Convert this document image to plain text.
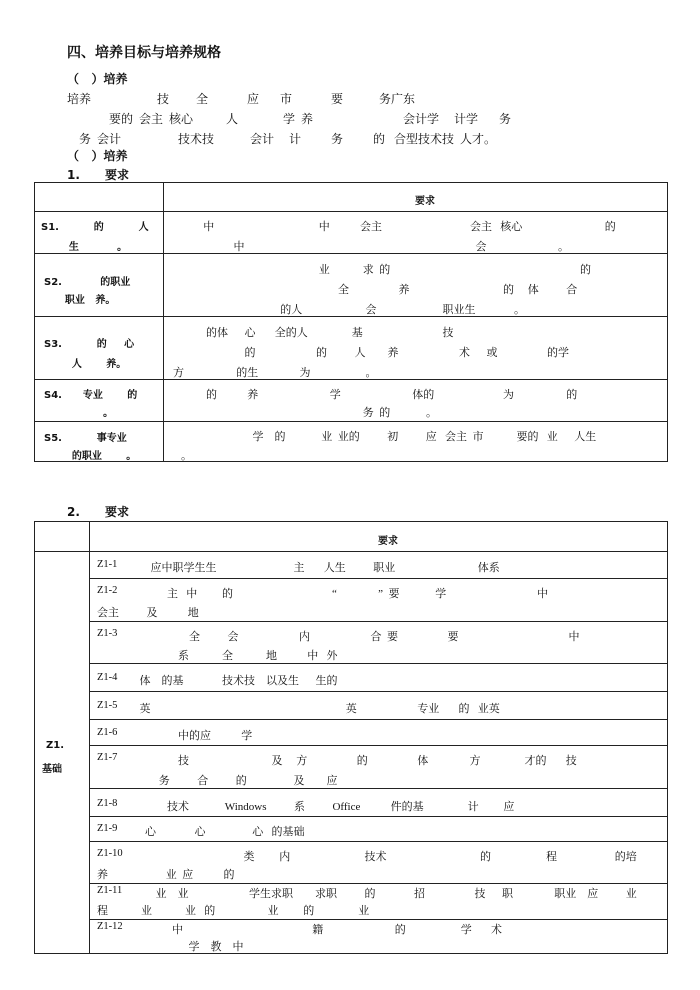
四、培养目标与培养规格
（   ）培养
培养                      技         全             应       市             要            务广东
要的  会主  核心           人               学  养                              会计学     计学       务
务  会计                   技术技            会计     计          务          的   合型技术技  人才。
（   ）培养
1.      要求
要求
S1.          的          人
生           。
中                                      中           会主                                会主   核心                              的
中                                                                                    会                          。
S2.           的职业
职业   养。
业            求  的                                                                     的
全                  养                                  的     体          合
的人                       会                        职业生              。
S3.          的     心
人       养。
的体      心       全的人                基                             技
的                      的          人        养                      术      或                  的学
方                   的生               为                    。
S4.      专业       的
。
的           养                          学                          体的                         为                   的
务  的             。
S5.          事专业
的职业       。
学    的             业  业的          初          应   会主  市            要的   业      人生
。
2.      要求
要求
Z1.
基础
Z1-1 应中职学生生                            主       人生          职业                              体系
Z1-2 主   中         的                                    “               ”  要             学                                 中
会主          及           地
Z1-3 全          会                      内                      合  要                  要                                        中
系            全            地           中   外
Z1-4 体    的基              技术技    以及生      生的
Z1-5 英                                                                       英                      专业       的   业英
Z1-6 中的应           学
Z1-7 技                              及     方                  的                  体               方                才的       技
务          合          的                 及        应
Z1-8 技术             Windows          系          Office           件的基                计         应
Z1-9 心              心                 心   的基础
Z1-10 类         内                           技术                                  的                    程                     的培
养                     业  应           的
Z1-11 业    业                      学生求职        求职          的              招                  技      职               职业    应          业
程            业            业   的                   业         的                业
Z1-12 中                                               籍                          的                    学       术
学    教    中
